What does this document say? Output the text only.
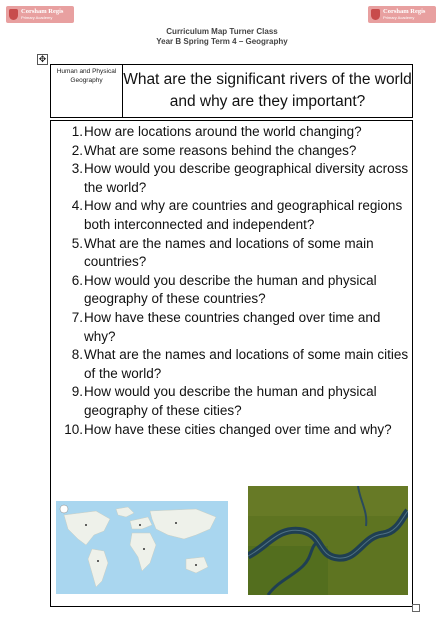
Corsham Regis
Primary Academy
Corsham Regis
Primary Academy
Curriculum Map Turner Class
Year B Spring Term 4 – Geography
✥
Human and Physical Geography	What are the significant rivers of the world and why are they important?
1. How are locations around the world changing?
2. What are some reasons behind the changes?
3. How would you describe geographical diversity across the world?
4. How and why are countries and geographical regions both interconnected and independent?
5. What are the names and locations of some main countries?
6. How would you describe the human and physical geography of these countries?
7. How have these countries changed over time and why?
8. What are the names and locations of some main cities of the world?
9. How would you describe the human and physical geography of these cities?
10. How have these cities changed over time and why?
